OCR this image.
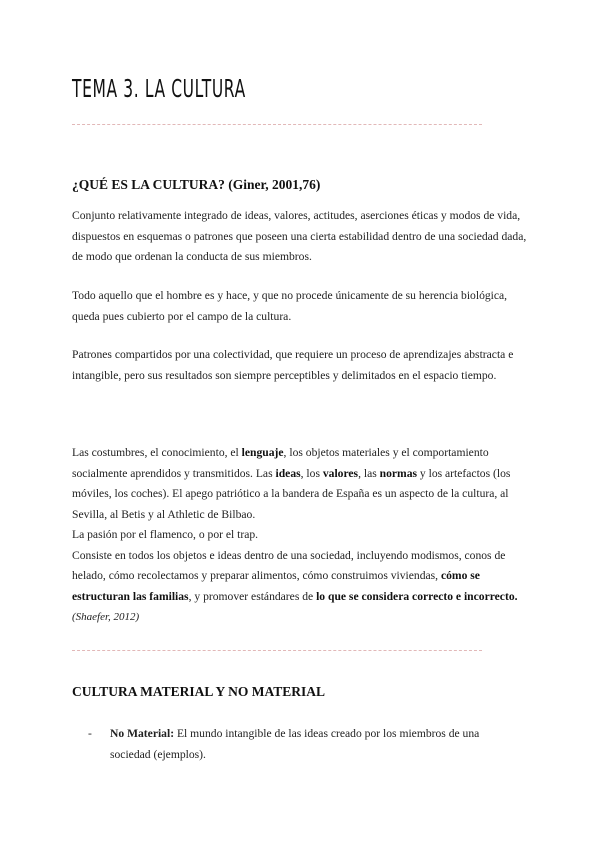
TEMA 3. LA CULTURA
¿QUÉ ES LA CULTURA? (Giner, 2001,76)

Conjunto relativamente integrado de ideas, valores, actitudes, aserciones éticas y modos de vida, dispuestos en esquemas o patrones que poseen una cierta estabilidad dentro de una sociedad dada, de modo que ordenan la conducta de sus miembros.

Todo aquello que el hombre es y hace, y que no procede únicamente de su herencia biológica, queda pues cubierto por el campo de la cultura.

Patrones compartidos por una colectividad, que requiere un proceso de aprendizajes abstracta e intangible, pero sus resultados son siempre perceptibles y delimitados en el espacio tiempo.

Las costumbres, el conocimiento, el lenguaje, los objetos materiales y el comportamiento socialmente aprendidos y transmitidos. Las ideas, los valores, las normas y los artefactos (los móviles, los coches). El apego patriótico a la bandera de España es un aspecto de la cultura, al Sevilla, al Betis y al Athletic de Bilbao.
La pasión por el flamenco, o por el trap.
Consiste en todos los objetos e ideas dentro de una sociedad, incluyendo modismos, conos de helado, cómo recolectamos y preparar alimentos, cómo construimos viviendas, cómo se estructuran las familias, y promover estándares de lo que se considera correcto e incorrecto.
(Shaefer, 2012)
CULTURA MATERIAL Y NO MATERIAL
-	No Material: El mundo intangible de las ideas creado por los miembros de una sociedad (ejemplos).
